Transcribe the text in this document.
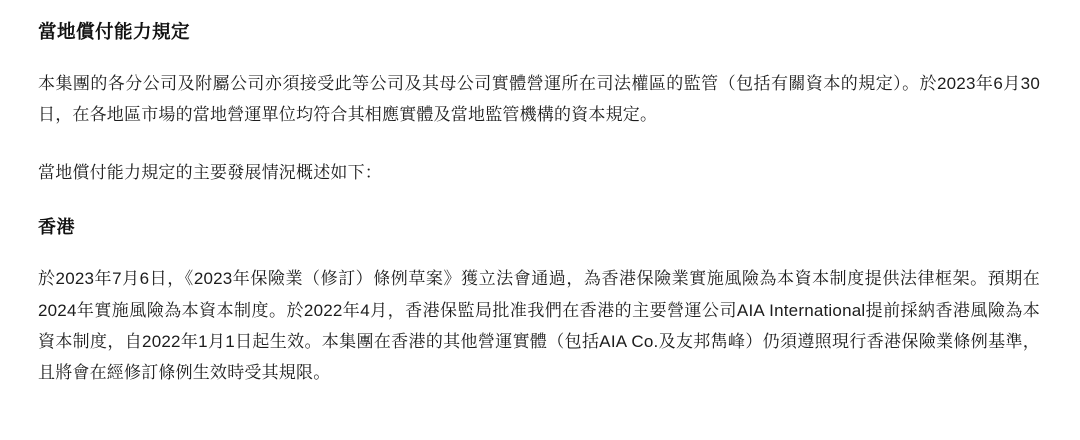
當地償付能力規定

本集團的各分公司及附屬公司亦須接受此等公司及其母公司實體營運所在司法權區的監管（包括有關資本的規定）。於2023年6月30日，在各地區市場的當地營運單位均符合其相應實體及當地監管機構的資本規定。

當地償付能力規定的主要發展情況概述如下：

香港

於2023年7月6日，《2023年保險業（修訂）條例草案》獲立法會通過，為香港保險業實施風險為本資本制度提供法律框架。預期在2024年實施風險為本資本制度。於2022年4月，香港保監局批准我們在香港的主要營運公司AIA International提前採納香港風險為本資本制度，自2022年1月1日起生效。本集團在香港的其他營運實體（包括AIA Co.及友邦雋峰）仍須遵照現行香港保險業條例基準，且將會在經修訂條例生效時受其規限。
